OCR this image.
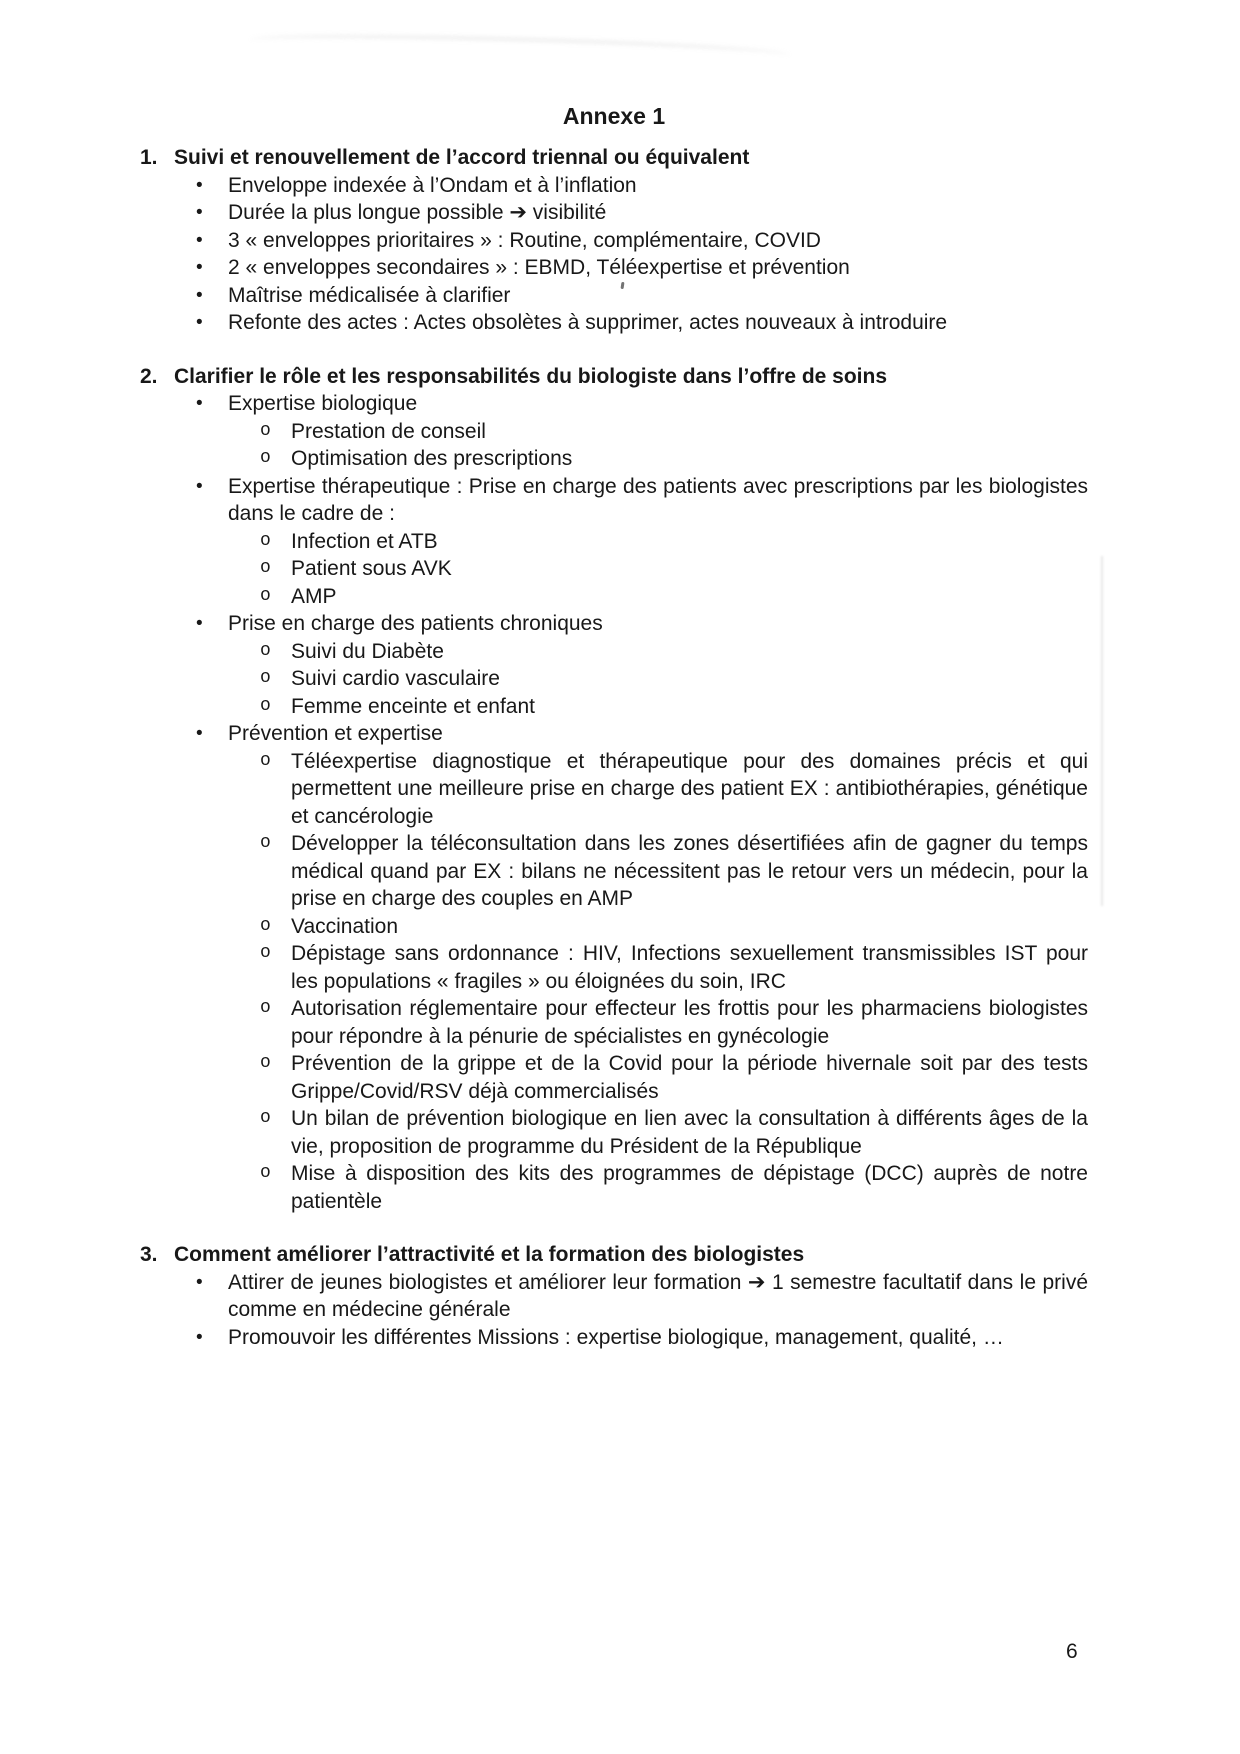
Annexe 1
1. Suivi et renouvellement de l’accord triennal ou équivalent
• Enveloppe indexée à l’Ondam et à l’inflation
• Durée la plus longue possible ➔ visibilité
• 3 « enveloppes prioritaires » : Routine, complémentaire, COVID
• 2 « enveloppes secondaires » : EBMD, Téléexpertise et prévention
• Maîtrise médicalisée à clarifier
• Refonte des actes : Actes obsolètes à supprimer, actes nouveaux à introduire
2. Clarifier le rôle et les responsabilités du biologiste dans l’offre de soins
• Expertise biologique
o Prestation de conseil
o Optimisation des prescriptions
• Expertise thérapeutique : Prise en charge des patients avec prescriptions par les biologistes dans le cadre de :
o Infection et ATB
o Patient sous AVK
o AMP
• Prise en charge des patients chroniques
o Suivi du Diabète
o Suivi cardio vasculaire
o Femme enceinte et enfant
• Prévention et expertise
o Téléexpertise diagnostique et thérapeutique pour des domaines précis et qui permettent une meilleure prise en charge des patient EX : antibiothérapies, génétique et cancérologie
o Développer la téléconsultation dans les zones désertifiées afin de gagner du temps médical quand par EX : bilans ne nécessitent pas le retour vers un médecin, pour la prise en charge des couples en AMP
o Vaccination
o Dépistage sans ordonnance : HIV, Infections sexuellement transmissibles IST pour les populations « fragiles » ou éloignées du soin, IRC
o Autorisation réglementaire pour effecteur les frottis pour les pharmaciens biologistes pour répondre à la pénurie de spécialistes en gynécologie
o Prévention de la grippe et de la Covid pour la période hivernale soit par des tests Grippe/Covid/RSV déjà commercialisés
o Un bilan de prévention biologique en lien avec la consultation à différents âges de la vie, proposition de programme du Président de la République
o Mise à disposition des kits des programmes de dépistage (DCC) auprès de notre patientèle
3. Comment améliorer l’attractivité et la formation des biologistes
• Attirer de jeunes biologistes et améliorer leur formation ➔ 1 semestre facultatif dans le privé comme en médecine générale
• Promouvoir les différentes Missions : expertise biologique, management, qualité, …
6
